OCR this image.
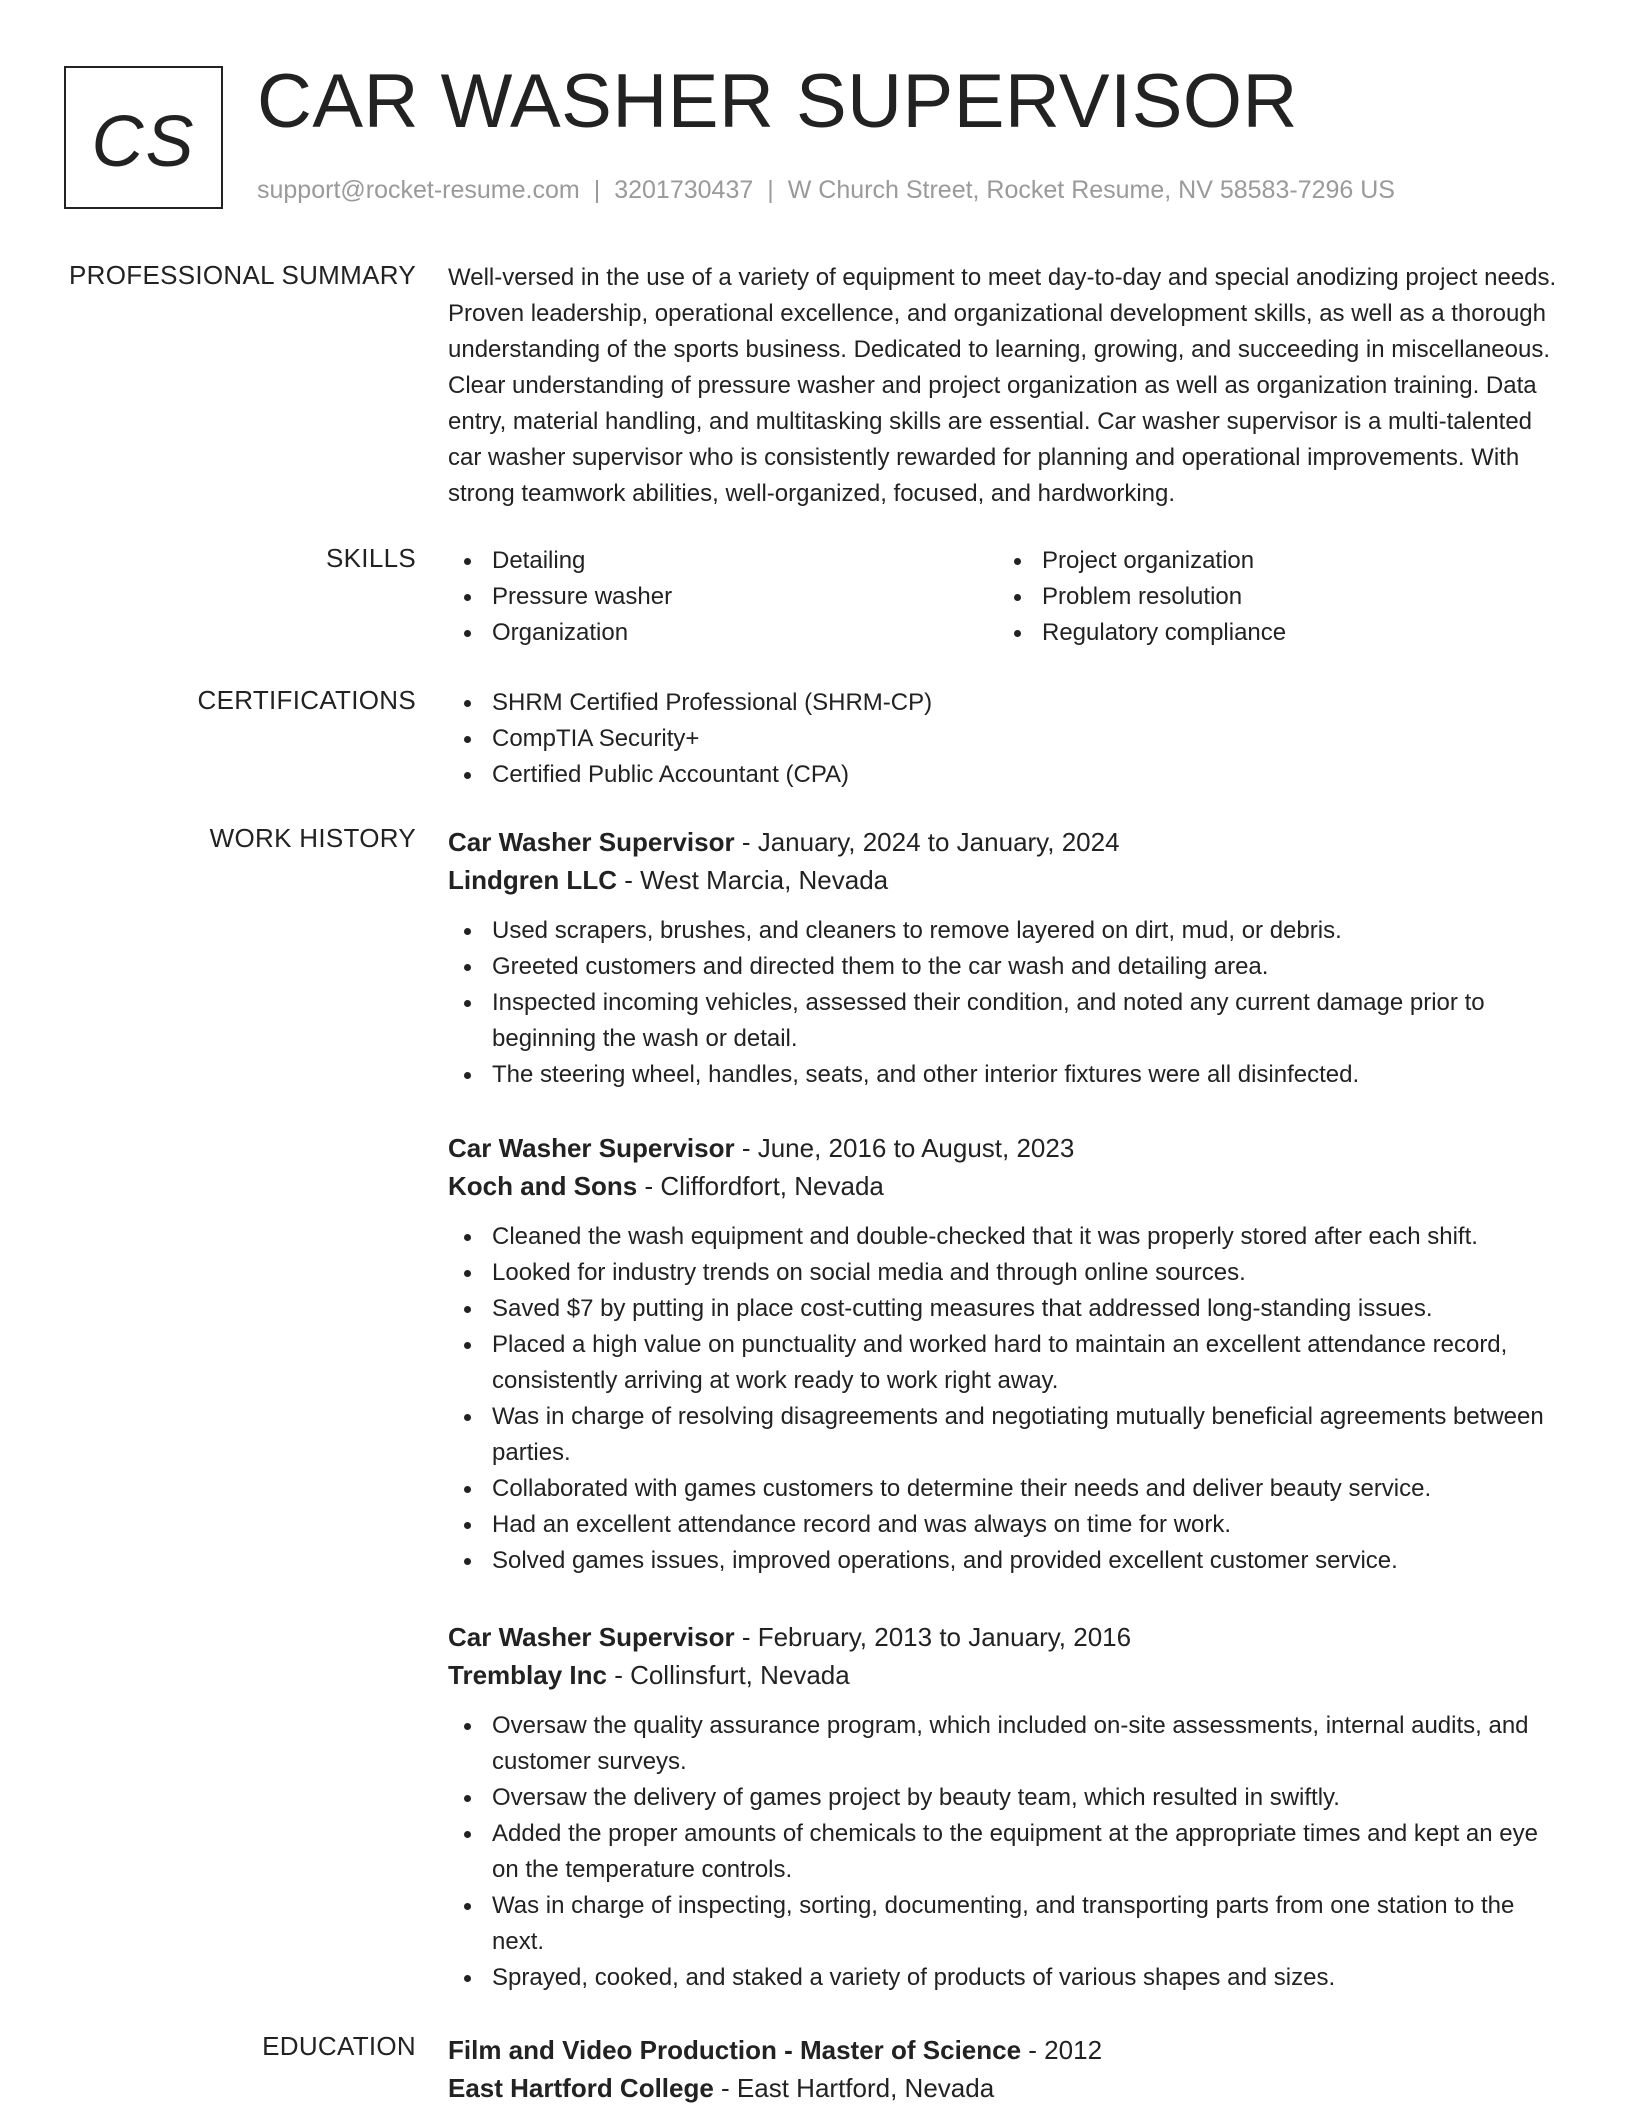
CS CAR WASHER SUPERVISOR
support@rocket-resume.com | 3201730437 | W Church Street, Rocket Resume, NV 58583-7296 US
PROFESSIONAL SUMMARY Well-versed in the use of a variety of equipment to meet day-to-day and special anodizing project needs. Proven leadership, operational excellence, and organizational development skills, as well as a thorough understanding of the sports business. Dedicated to learning, growing, and succeeding in miscellaneous. Clear understanding of pressure washer and project organization as well as organization training. Data entry, material handling, and multitasking skills are essential. Car washer supervisor is a multi-talented car washer supervisor who is consistently rewarded for planning and operational improvements. With strong teamwork abilities, well-organized, focused, and hardworking.
SKILLS	Detailing
Pressure washer
Organization
Project organization
Problem resolution
Regulatory compliance
CERTIFICATIONS	SHRM Certified Professional (SHRM-CP)
CompTIA Security+
Certified Public Accountant (CPA)
WORK HISTORY Car Washer Supervisor - January, 2024 to January, 2024
Lindgren LLC - West Marcia, Nevada
Used scrapers, brushes, and cleaners to remove layered on dirt, mud, or debris.
Greeted customers and directed them to the car wash and detailing area.
Inspected incoming vehicles, assessed their condition, and noted any current damage prior to beginning the wash or detail.
The steering wheel, handles, seats, and other interior fixtures were all disinfected.
Car Washer Supervisor - June, 2016 to August, 2023
Koch and Sons - Cliffordfort, Nevada
Cleaned the wash equipment and double-checked that it was properly stored after each shift.
Looked for industry trends on social media and through online sources.
Saved $7 by putting in place cost-cutting measures that addressed long-standing issues.
Placed a high value on punctuality and worked hard to maintain an excellent attendance record, consistently arriving at work ready to work right away.
Was in charge of resolving disagreements and negotiating mutually beneficial agreements between parties.
Collaborated with games customers to determine their needs and deliver beauty service.
Had an excellent attendance record and was always on time for work.
Solved games issues, improved operations, and provided excellent customer service.
Car Washer Supervisor - February, 2013 to January, 2016
Tremblay Inc - Collinsfurt, Nevada
Oversaw the quality assurance program, which included on-site assessments, internal audits, and customer surveys.
Oversaw the delivery of games project by beauty team, which resulted in swiftly.
Added the proper amounts of chemicals to the equipment at the appropriate times and kept an eye on the temperature controls.
Was in charge of inspecting, sorting, documenting, and transporting parts from one station to the next.
Sprayed, cooked, and staked a variety of products of various shapes and sizes.
EDUCATION Film and Video Production - Master of Science - 2012
East Hartford College - East Hartford, Nevada
